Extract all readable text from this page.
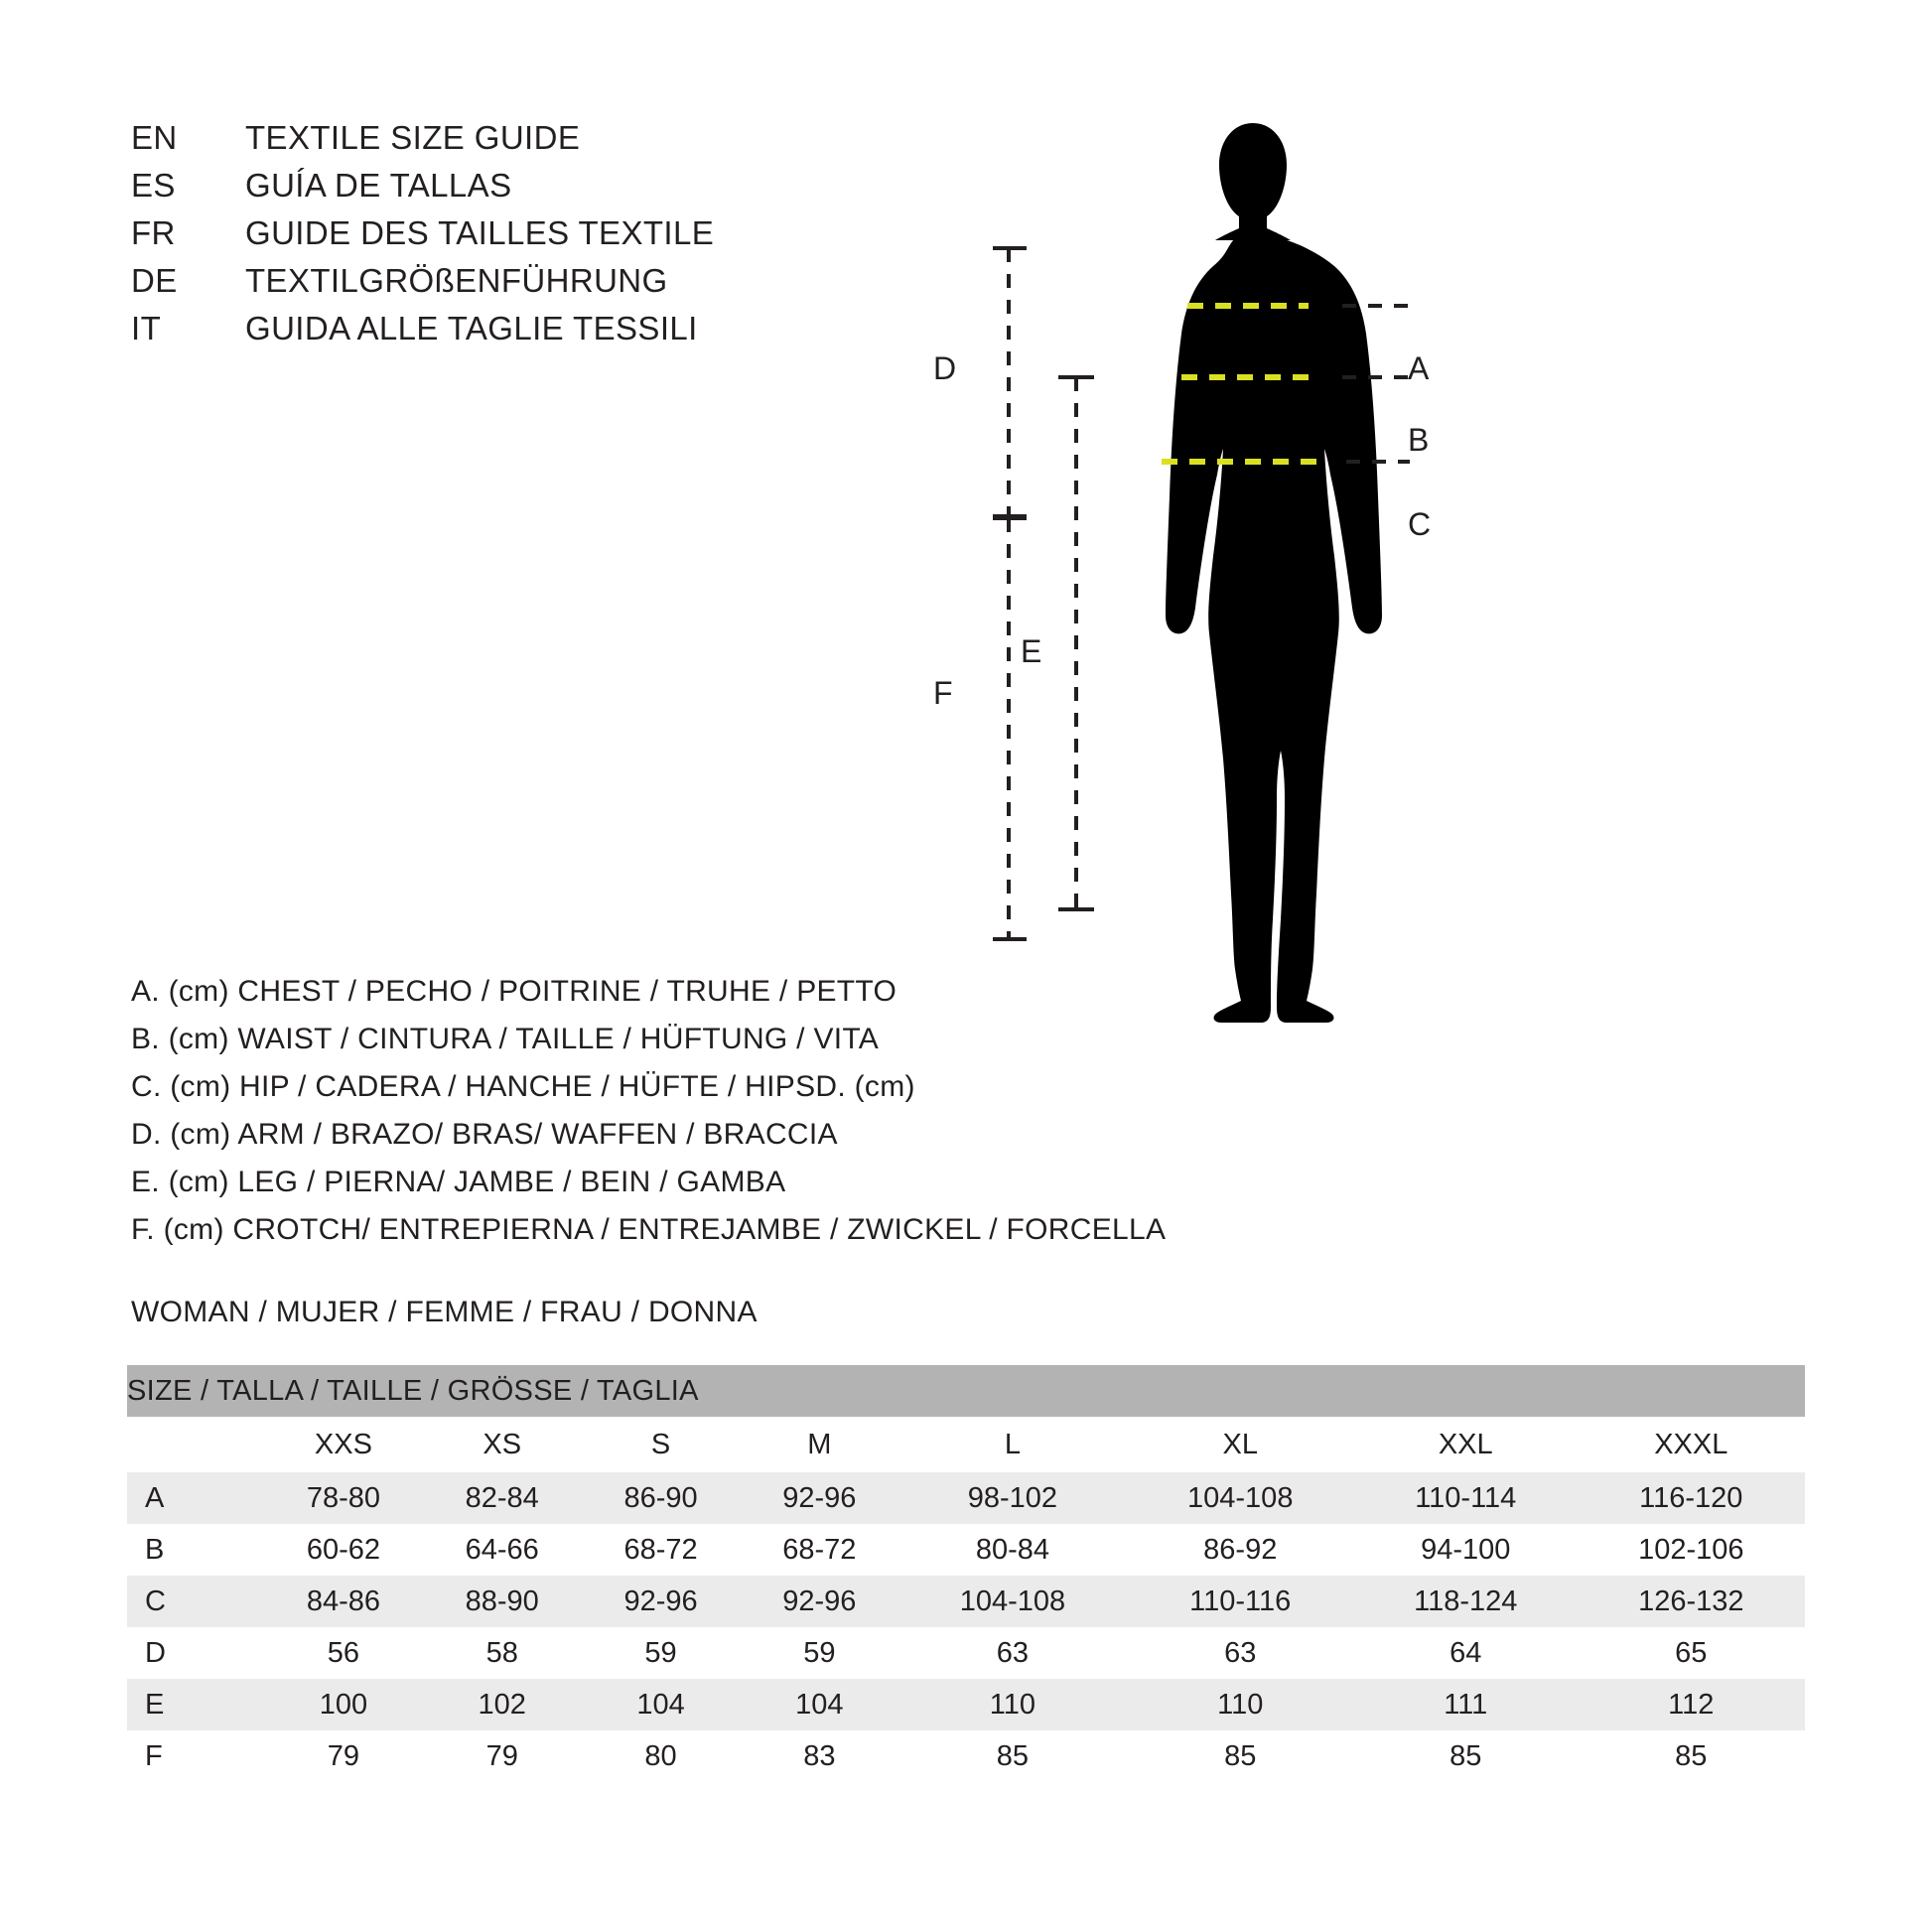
EN	TEXTILE SIZE GUIDE
ES	GUÍA DE TALLAS
FR	GUIDE DES TAILLES TEXTILE
DE	TEXTILGRÖßENFÜHRUNG
IT	GUIDA ALLE TAGLIE TESSILI
A. (cm) CHEST / PECHO / POITRINE / TRUHE / PETTO
B. (cm) WAIST / CINTURA / TAILLE / HÜFTUNG / VITA
C. (cm) HIP / CADERA / HANCHE / HÜFTE / HIPSD. (cm)
D. (cm) ARM / BRAZO/ BRAS/ WAFFEN / BRACCIA
E. (cm) LEG / PIERNA/ JAMBE / BEIN / GAMBA
F. (cm) CROTCH/ ENTREPIERNA / ENTREJAMBE / ZWICKEL / FORCELLA
WOMAN / MUJER / FEMME / FRAU / DONNA
SIZE / TALLA / TAILLE / GRÖSSE / TAGLIA								
	XXS	XS	S	M	L	XL	XXL	XXXL
A	78-80	82-84	86-90	92-96	98-102	104-108	110-114	116-120
B	60-62	64-66	68-72	68-72	80-84	86-92	94-100	102-106
C	84-86	88-90	92-96	92-96	104-108	110-116	118-124	126-132
D	56	58	59	59	63	63	64	65
E	100	102	104	104	110	110	111	112
F	79	79	80	83	85	85	85	85
A
B
C
D
E
F
